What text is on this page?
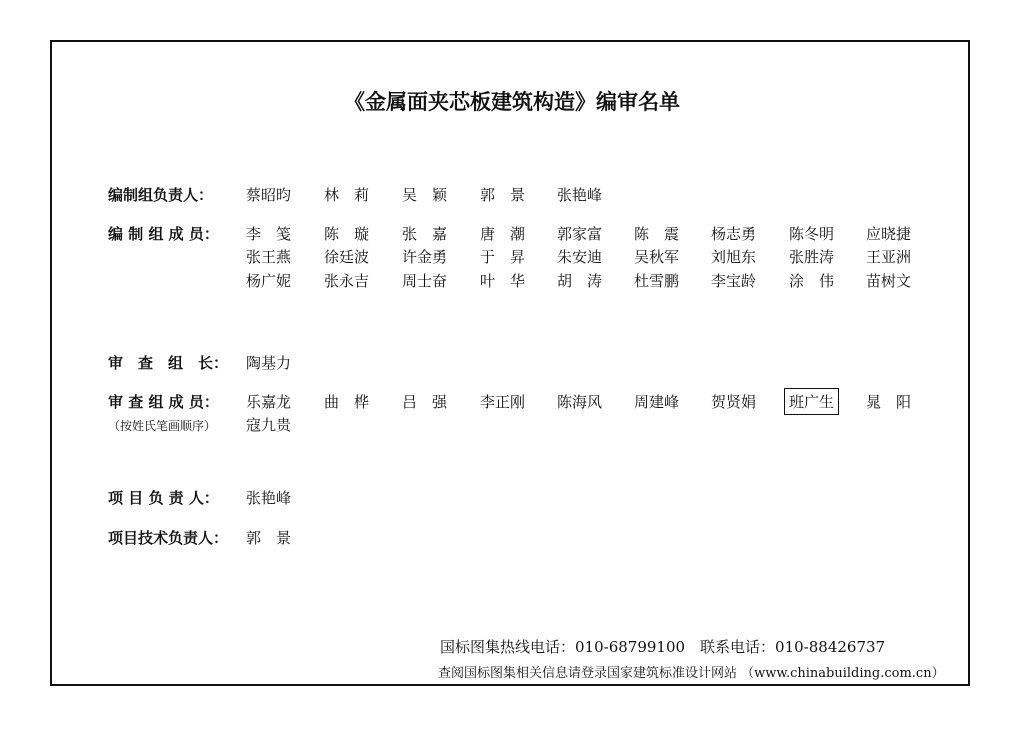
《金属面夹芯板建筑构造》编审名单
编制组负责人： 蔡昭昀 林　莉 吴　颖 郭　景 张艳峰
编 制 组 成 员： 李　笺 陈　璇 张　嘉 唐　潮 郭家富 陈　震 杨志勇 陈冬明 应晓捷
张王燕 徐廷波 许金勇 于　昇 朱安迪 吴秋军 刘旭东 张胜涛 王亚洲
杨广妮 张永吉 周士奋 叶　华 胡　涛 杜雪鹏 李宝龄 涂　伟 苗树文
审　查　组　长： 陶基力
审 查 组 成 员：
（按姓氏笔画顺序）
乐嘉龙 曲　桦 吕　强 李正刚 陈海风 周建峰 贺贤娟 班广生 晁　阳
寇九贵
项 目 负 责 人： 张艳峰
项目技术负责人： 郭　景
国标图集热线电话：010-68799100　联系电话：010-88426737
查阅国标图集相关信息请登录国家建筑标准设计网站 （www.chinabuilding.com.cn）
